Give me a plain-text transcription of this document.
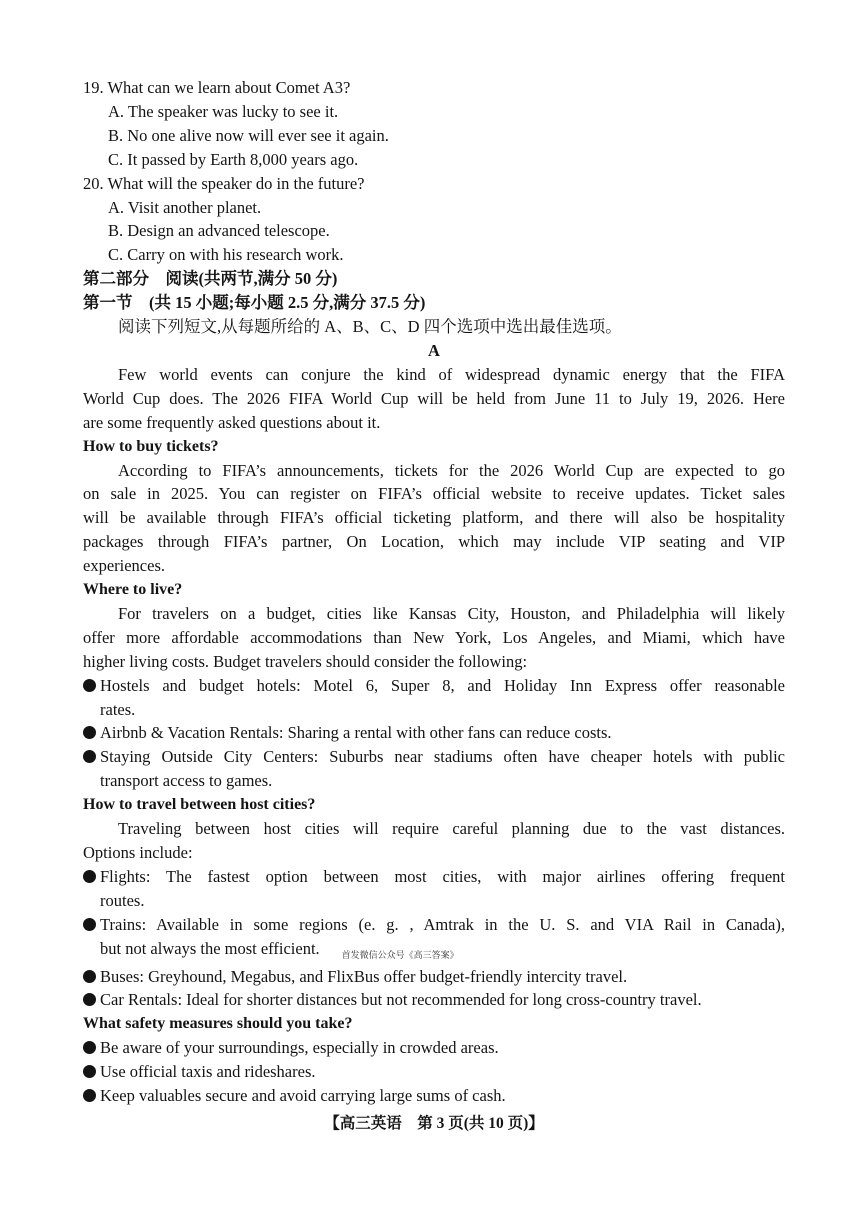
19. What can we learn about Comet A3?
A. The speaker was lucky to see it.
B. No one alive now will ever see it again.
C. It passed by Earth 8,000 years ago.
20. What will the speaker do in the future?
A. Visit another planet.
B. Design an advanced telescope.
C. Carry on with his research work.
第二部分　阅读(共两节,满分 50 分)
第一节　(共 15 小题;每小题 2.5 分,满分 37.5 分)
阅读下列短文,从每题所给的 A、B、C、D 四个选项中选出最佳选项。
A
Few world events can conjure the kind of widespread dynamic energy that the FIFA
World Cup does. The 2026 FIFA World Cup will be held from June 11 to July 19, 2026. Here
are some frequently asked questions about it.
How to buy tickets?
According to FIFA’s announcements, tickets for the 2026 World Cup are expected to go
on sale in 2025. You can register on FIFA’s official website to receive updates. Ticket sales
will be available through FIFA’s official ticketing platform, and there will also be hospitality
packages through FIFA’s partner, On Location, which may include VIP seating and VIP
experiences.
Where to live?
For travelers on a budget, cities like Kansas City, Houston, and Philadelphia will likely
offer more affordable accommodations than New York, Los Angeles, and Miami, which have
higher living costs. Budget travelers should consider the following:
Hostels and budget hotels: Motel 6, Super 8, and Holiday Inn Express offer reasonable
rates.
Airbnb & Vacation Rentals: Sharing a rental with other fans can reduce costs.
Staying Outside City Centers: Suburbs near stadiums often have cheaper hotels with public
transport access to games.
How to travel between host cities?
Traveling between host cities will require careful planning due to the vast distances.
Options include:
Flights: The fastest option between most cities, with major airlines offering frequent
routes.
Trains: Available in some regions (e. g. , Amtrak in the U. S. and VIA Rail in Canada),
but not always the most efficient. $_{首发微信公众号《高三答案》}$
Buses: Greyhound, Megabus, and FlixBus offer budget-friendly intercity travel.
Car Rentals: Ideal for shorter distances but not recommended for long cross-country travel.
What safety measures should you take?
Be aware of your surroundings, especially in crowded areas.
Use official taxis and rideshares.
Keep valuables secure and avoid carrying large sums of cash.
【高三英语　第 3 页(共 10 页)】
